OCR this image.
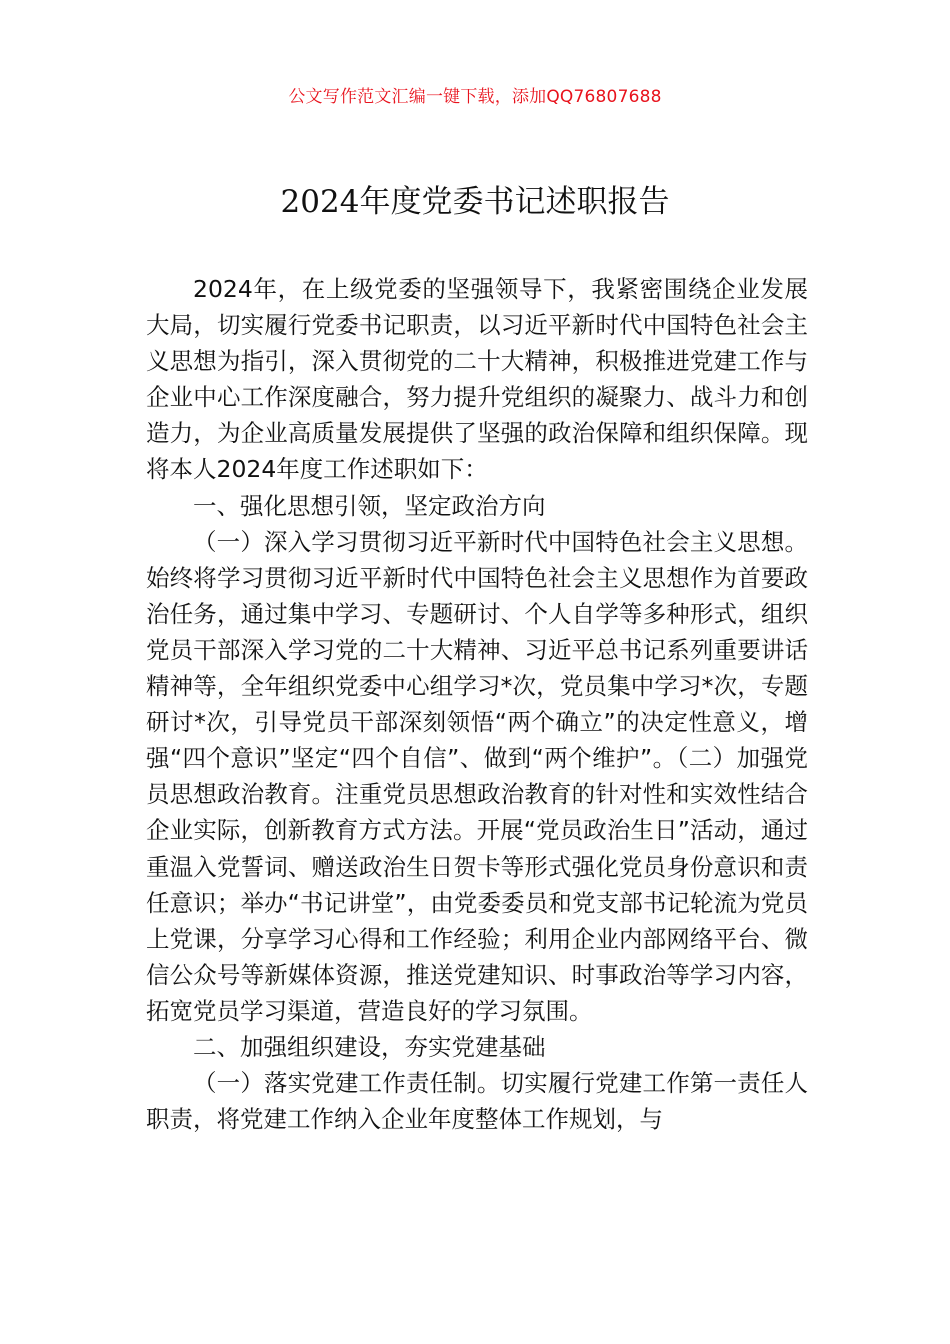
公文写作范文汇编一键下载，添加QQ76807688
2024年度党委书记述职报告

2024年，在上级党委的坚强领导下，我紧密围绕企业发展大局，切实履行党委书记职责，以习近平新时代中国特色社会主义思想为指引，深入贯彻党的二十大精神，积极推进党建工作与企业中心工作深度融合，努力提升党组织的凝聚力、战斗力和创造力，为企业高质量发展提供了坚强的政治保障和组织保障。现将本人2024年度工作述职如下：

一、强化思想引领，坚定政治方向

（一）深入学习贯彻习近平新时代中国特色社会主义思想。始终将学习贯彻习近平新时代中国特色社会主义思想作为首要政治任务，通过集中学习、专题研讨、个人自学等多种形式，组织党员干部深入学习党的二十大精神、习近平总书记系列重要讲话精神等，全年组织党委中心组学习*次，党员集中学习*次，专题研讨*次，引导党员干部深刻领悟“两个确立”的决定性意义，增强“四个意识”坚定“四个自信”、做到“两个维护”。（二）加强党员思想政治教育。注重党员思想政治教育的针对性和实效性结合企业实际，创新教育方式方法。开展“党员政治生日”活动，通过重温入党誓词、赠送政治生日贺卡等形式强化党员身份意识和责任意识；举办“书记讲堂”，由党委委员和党支部书记轮流为党员上党课，分享学习心得和工作经验；利用企业内部网络平台、微信公众号等新媒体资源，推送党建知识、时事政治等学习内容，拓宽党员学习渠道，营造良好的学习氛围。

二、加强组织建设，夯实党建基础

（一）落实党建工作责任制。切实履行党建工作第一责任人职责，将党建工作纳入企业年度整体工作规划，与
